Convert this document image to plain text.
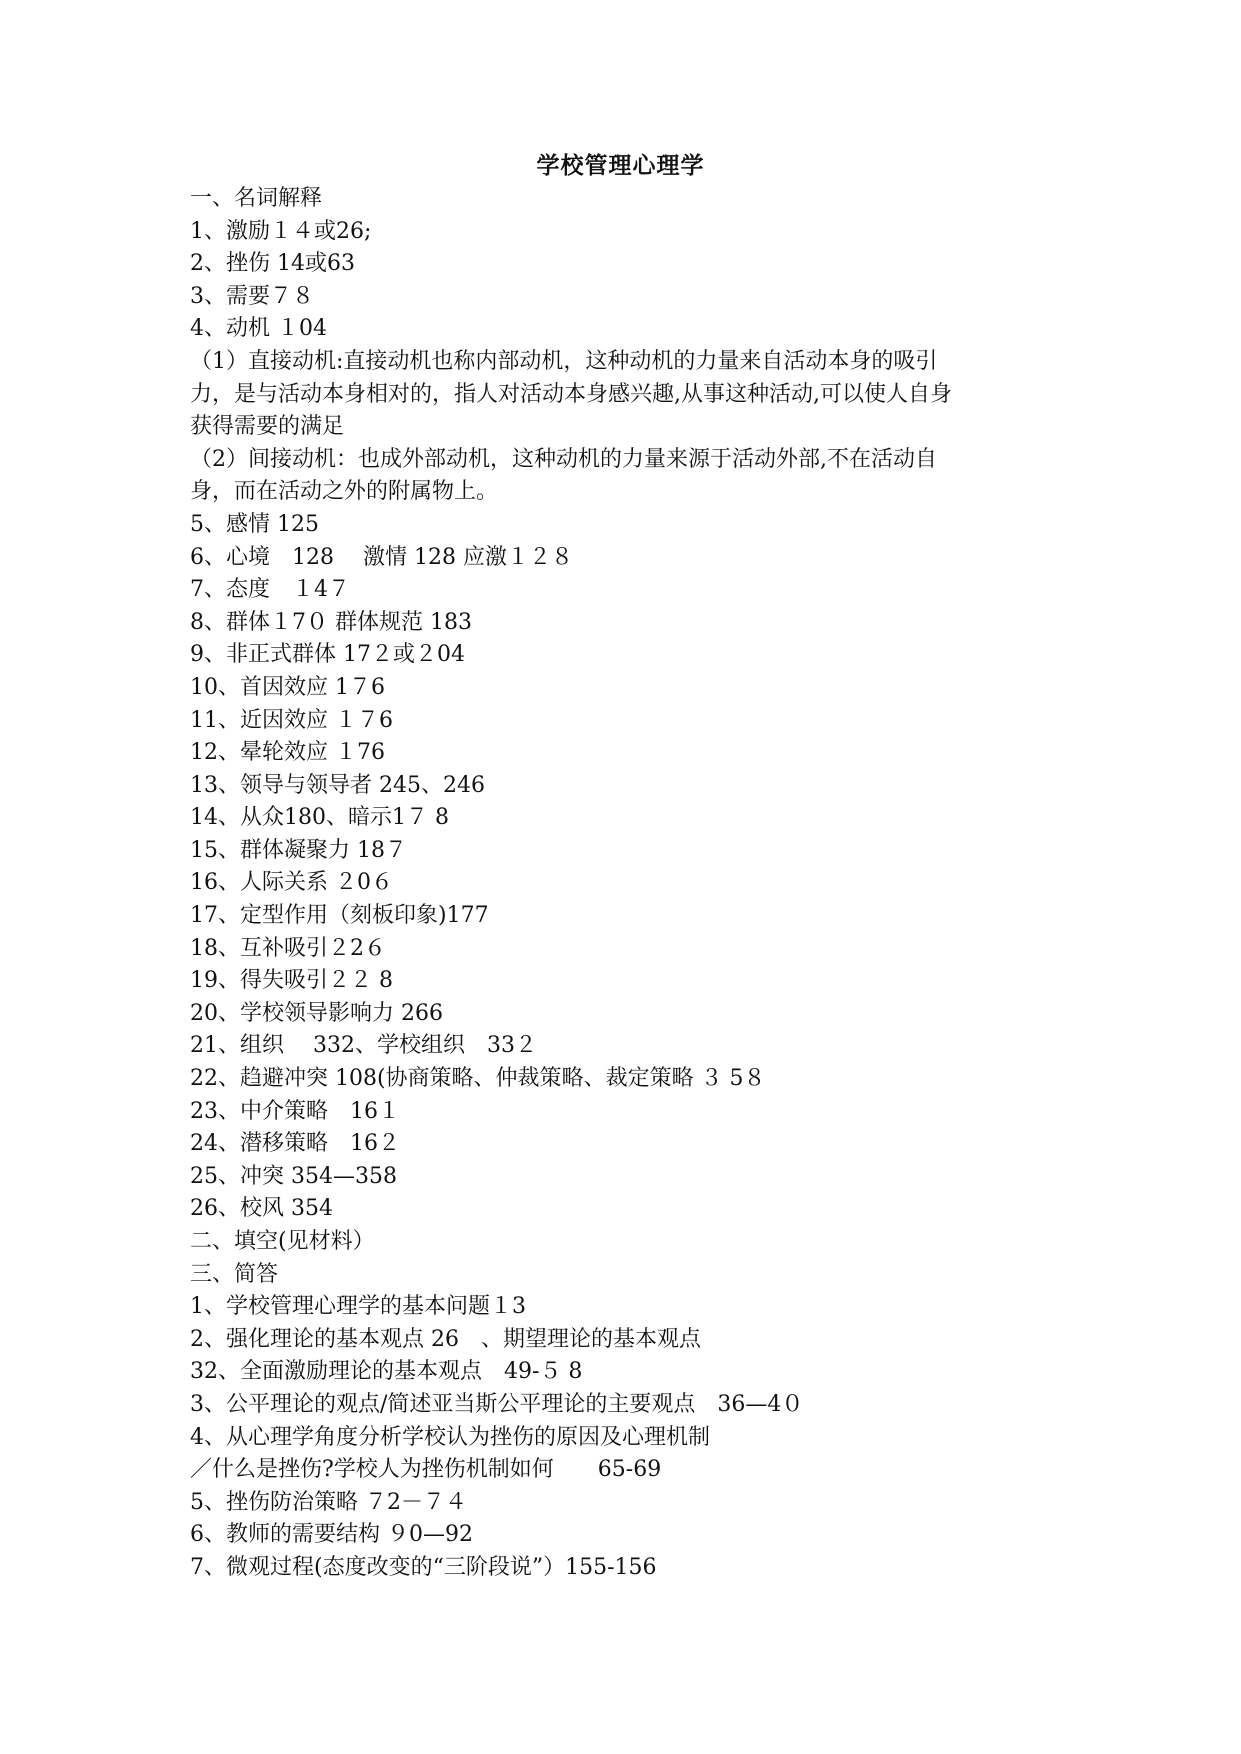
学校管理心理学
一、名词解释
1、激励１４或26;
2、挫伤 14或63
3、需要７８
4、动机 １04
（1）直接动机:直接动机也称内部动机，这种动机的力量来自活动本身的吸引
力，是与活动本身相对的，指人对活动本身感兴趣,从事这种活动,可以使人自身
获得需要的满足
（2）间接动机：也成外部动机，这种动机的力量来源于活动外部,不在活动自
身，而在活动之外的附属物上。
5、感情 125
6、心境　128　 激情 128 应激１２８
7、态度　１4７
8、群体１7０ 群体规范 183
9、非正式群体 17２或２04
10、首因效应 1７6
11、近因效应 １７6
12、晕轮效应 １76
13、领导与领导者 245、246
14、从众180、暗示1７ 8
15、群体凝聚力 18７
16、人际关系 ２0６
17、定型作用（刻板印象)177
18、互补吸引２2６
19、得失吸引２２ 8
20、学校领导影响力 266
21、组织　 332、学校组织　33２
22、趋避冲突 108(协商策略、仲裁策略、裁定策略 ３ 5８
23、中介策略　16１
24、潜移策略　16２
25、冲突 354—358
26、校风 354
二、填空(见材料）
三、简答
1、学校管理心理学的基本问题１3
2、强化理论的基本观点 26　、期望理论的基本观点
32、全面激励理论的基本观点　49-５ 8
3、公平理论的观点/简述亚当斯公平理论的主要观点　36—4０
4、从心理学角度分析学校认为挫伤的原因及心理机制
／什么是挫伤?学校人为挫伤机制如何　　65-69
5、挫伤防治策略 ７2－７４
6、教师的需要结构 ９0—92
7、微观过程(态度改变的“三阶段说”）155-156
